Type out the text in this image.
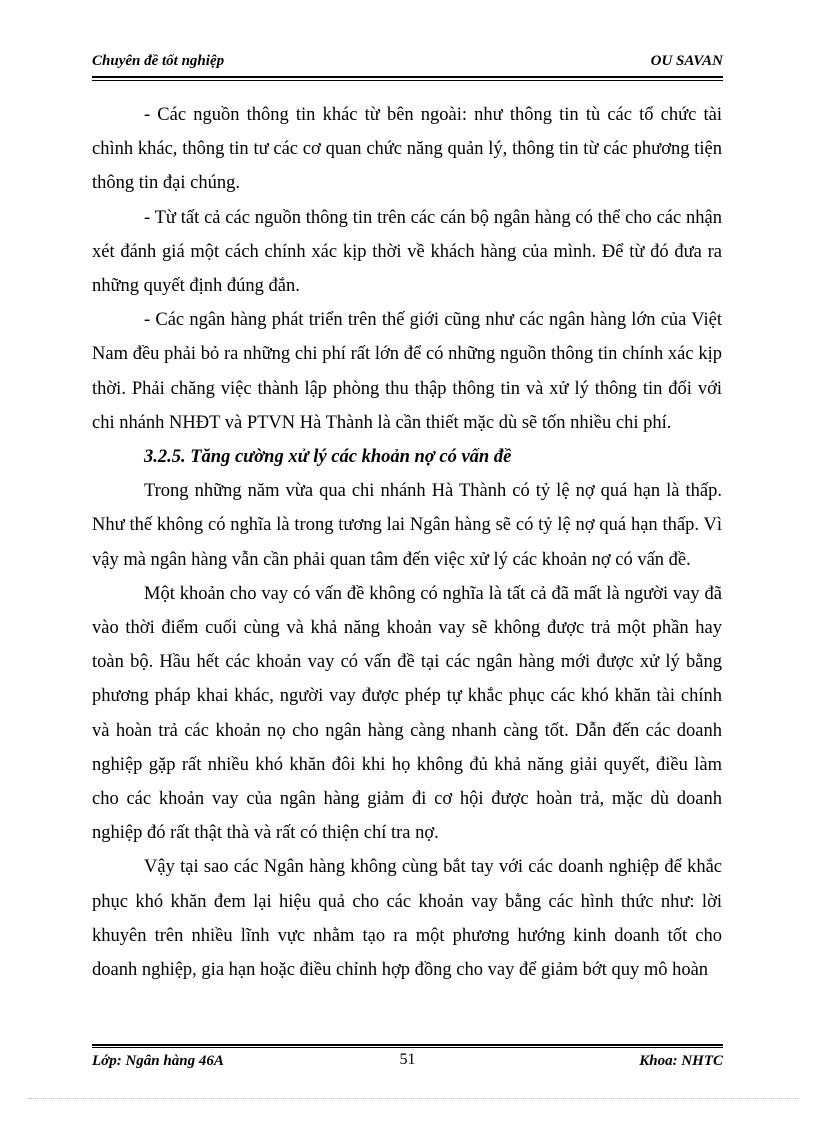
Chuyên đề tốt nghiệp	OU SAVAN

- Các nguồn thông tin khác từ bên ngoài: như thông tin tù các tổ chức tài chình khác, thông tin tư các cơ quan chức năng quản lý, thông tin từ các phương tiện thông tin đại chúng.

- Từ tất cả các nguồn thông tin trên các cán bộ ngân hàng có thể cho các nhận xét đánh giá một cách chính xác kịp thời về khách hàng của mình. Để từ đó đưa ra những quyết định đúng đắn.

- Các ngân hàng phát triển trên thế giới cũng như các ngân hàng lớn của Việt Nam đều phải bỏ ra những chi phí rất lớn để có những nguồn thông tin chính xác kịp thời. Phải chăng việc thành lập phòng thu thập thông tin và xử lý thông tin đối với chi nhánh NHĐT và PTVN Hà Thành là cần thiết mặc dù sẽ tốn nhiều chi phí.

3.2.5. Tăng cường xử lý các khoản nợ có vấn đề

Trong những năm vừa qua chi nhánh Hà Thành có tỷ lệ nợ quá hạn là thấp. Như thế không có nghĩa là trong tương lai Ngân hàng sẽ có tỷ lệ nợ quá hạn thấp. Vì vậy mà ngân hàng vẫn cần phải quan tâm đến việc xử lý các khoản nợ có vấn đề.

Một khoản cho vay có vấn đề không có nghĩa là tất cả đã mất là người vay đã vào thời điểm cuối cùng và khả năng khoản vay sẽ không được trả một phần hay toàn bộ. Hầu hết các khoản vay có vấn đề tại các ngân hàng mới được xử lý bằng phương pháp khai khác, người vay được phép tự khắc phục các khó khăn tài chính và hoàn trả các khoản nọ cho ngân hàng càng nhanh càng tốt. Dẫn đến các doanh nghiệp gặp rất nhiều khó khăn đôi khi họ không đủ khả năng giải quyết, điều làm cho các khoản vay của ngân hàng giảm đi cơ hội được hoàn trả, mặc dù doanh nghiệp đó rất thật thà và rất có thiện chí tra nợ.

Vậy tại sao các Ngân hàng không cùng bắt tay với các doanh nghiệp để khắc phục khó khăn đem lại hiệu quả cho các khoản vay bằng các hình thức như: lời khuyên trên nhiều lĩnh vực nhằm tạo ra một phương hướng kinh doanh tốt cho doanh nghiệp, gia hạn hoặc điều chỉnh hợp đồng cho vay để giảm bớt quy mô hoàn

Lớp: Ngân hàng 46A	51	Khoa: NHTC
